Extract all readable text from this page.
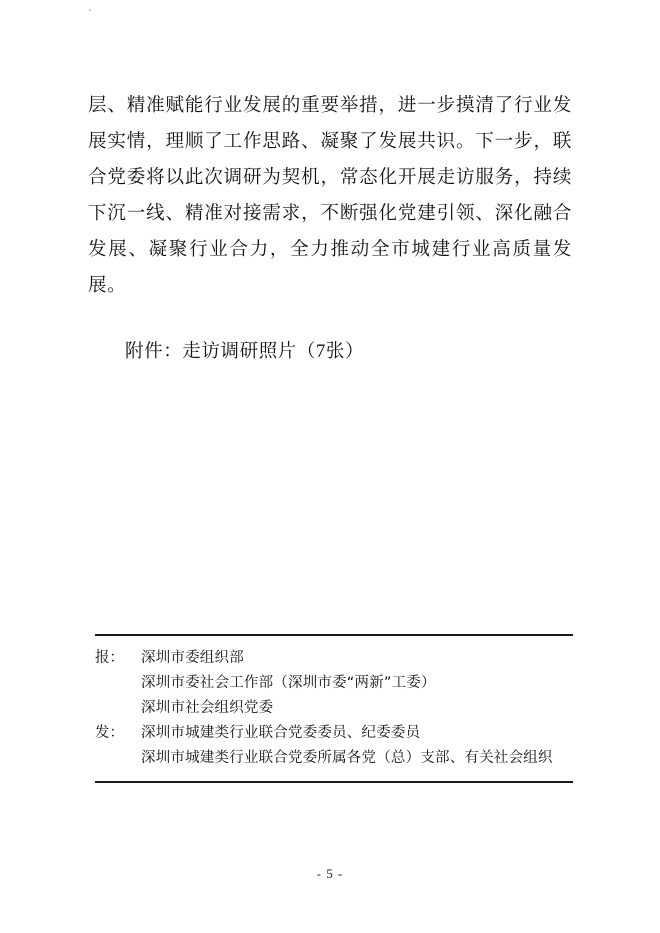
`

层、精准赋能行业发展的重要举措，进一步摸清了行业发展实情，理顺了工作思路、凝聚了发展共识。下一步，联合党委将以此次调研为契机，常态化开展走访服务，持续下沉一线、精准对接需求，不断强化党建引领、深化融合发展、凝聚行业合力，全力推动全市城建行业高质量发展。

附件：走访调研照片（7张）

报：	深圳市委组织部
深圳市委社会工作部（深圳市委“两新”工委）
深圳市社会组织党委
发：	深圳市城建类行业联合党委委员、纪委委员
深圳市城建类行业联合党委所属各党（总）支部、有关社会组织
- 5 -
